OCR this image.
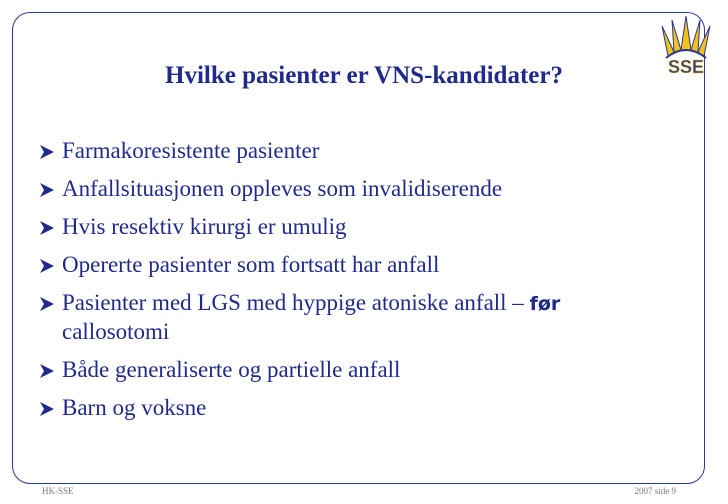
SSE
Hvilke pasienter er VNS-kandidater?
Farmakoresistente pasienter
Anfallsituasjonen oppleves som invalidiserende
Hvis resektiv kirurgi er umulig
Opererte pasienter som fortsatt har anfall
Pasienter med LGS med hyppige atoniske anfall – før
callosotomi
Både generaliserte og partielle anfall
Barn og voksne
HK-SSE	2007 side 9
